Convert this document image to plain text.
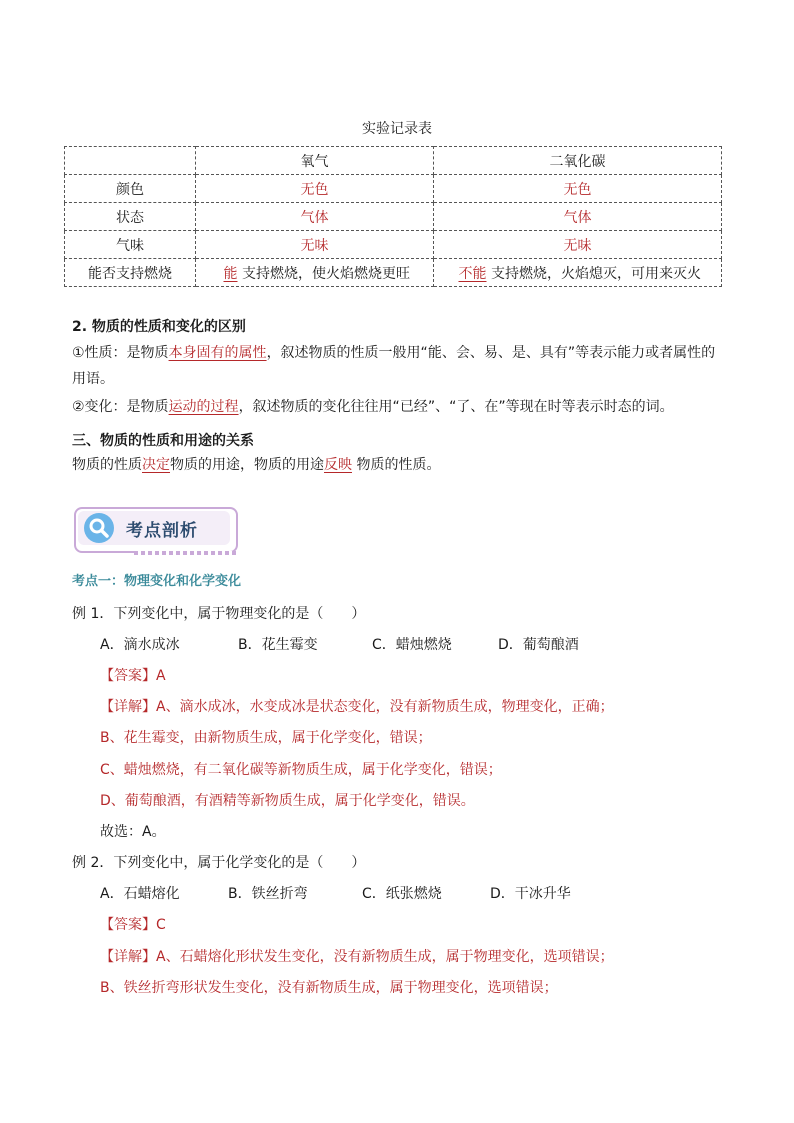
实验记录表
	氧气	二氧化碳
颜色	无色	无色
状态	气体	气体
气味	无味	无味
能否支持燃烧	能 支持燃烧，使火焰燃烧更旺	不能 支持燃烧，火焰熄灭，可用来灭火
2. 物质的性质和变化的区别
①性质：是物质本身固有的属性，叙述物质的性质一般用“能、会、易、是、具有”等表示能力或者属性的
用语。
②变化：是物质运动的过程，叙述物质的变化往往用“已经”、“了、在”等现在时等表示时态的词。
三、物质的性质和用途的关系
物质的性质决定物质的用途，物质的用途反映 物质的性质。
考点剖析
考点一：物理变化和化学变化
例 1．下列变化中，属于物理变化的是（　　）
A．滴水成冰	B．花生霉变	C．蜡烛燃烧	D．葡萄酿酒
【答案】A
【详解】A、滴水成冰，水变成冰是状态变化，没有新物质生成，物理变化，正确；
B、花生霉变，由新物质生成，属于化学变化，错误；
C、蜡烛燃烧，有二氧化碳等新物质生成，属于化学变化，错误；
D、葡萄酿酒，有酒精等新物质生成，属于化学变化，错误。
故选：A。
例 2．下列变化中，属于化学变化的是（　　）
A．石蜡熔化	B．铁丝折弯	C．纸张燃烧	D．干冰升华
【答案】C
【详解】A、石蜡熔化形状发生变化，没有新物质生成，属于物理变化，选项错误；
B、铁丝折弯形状发生变化，没有新物质生成，属于物理变化，选项错误；
